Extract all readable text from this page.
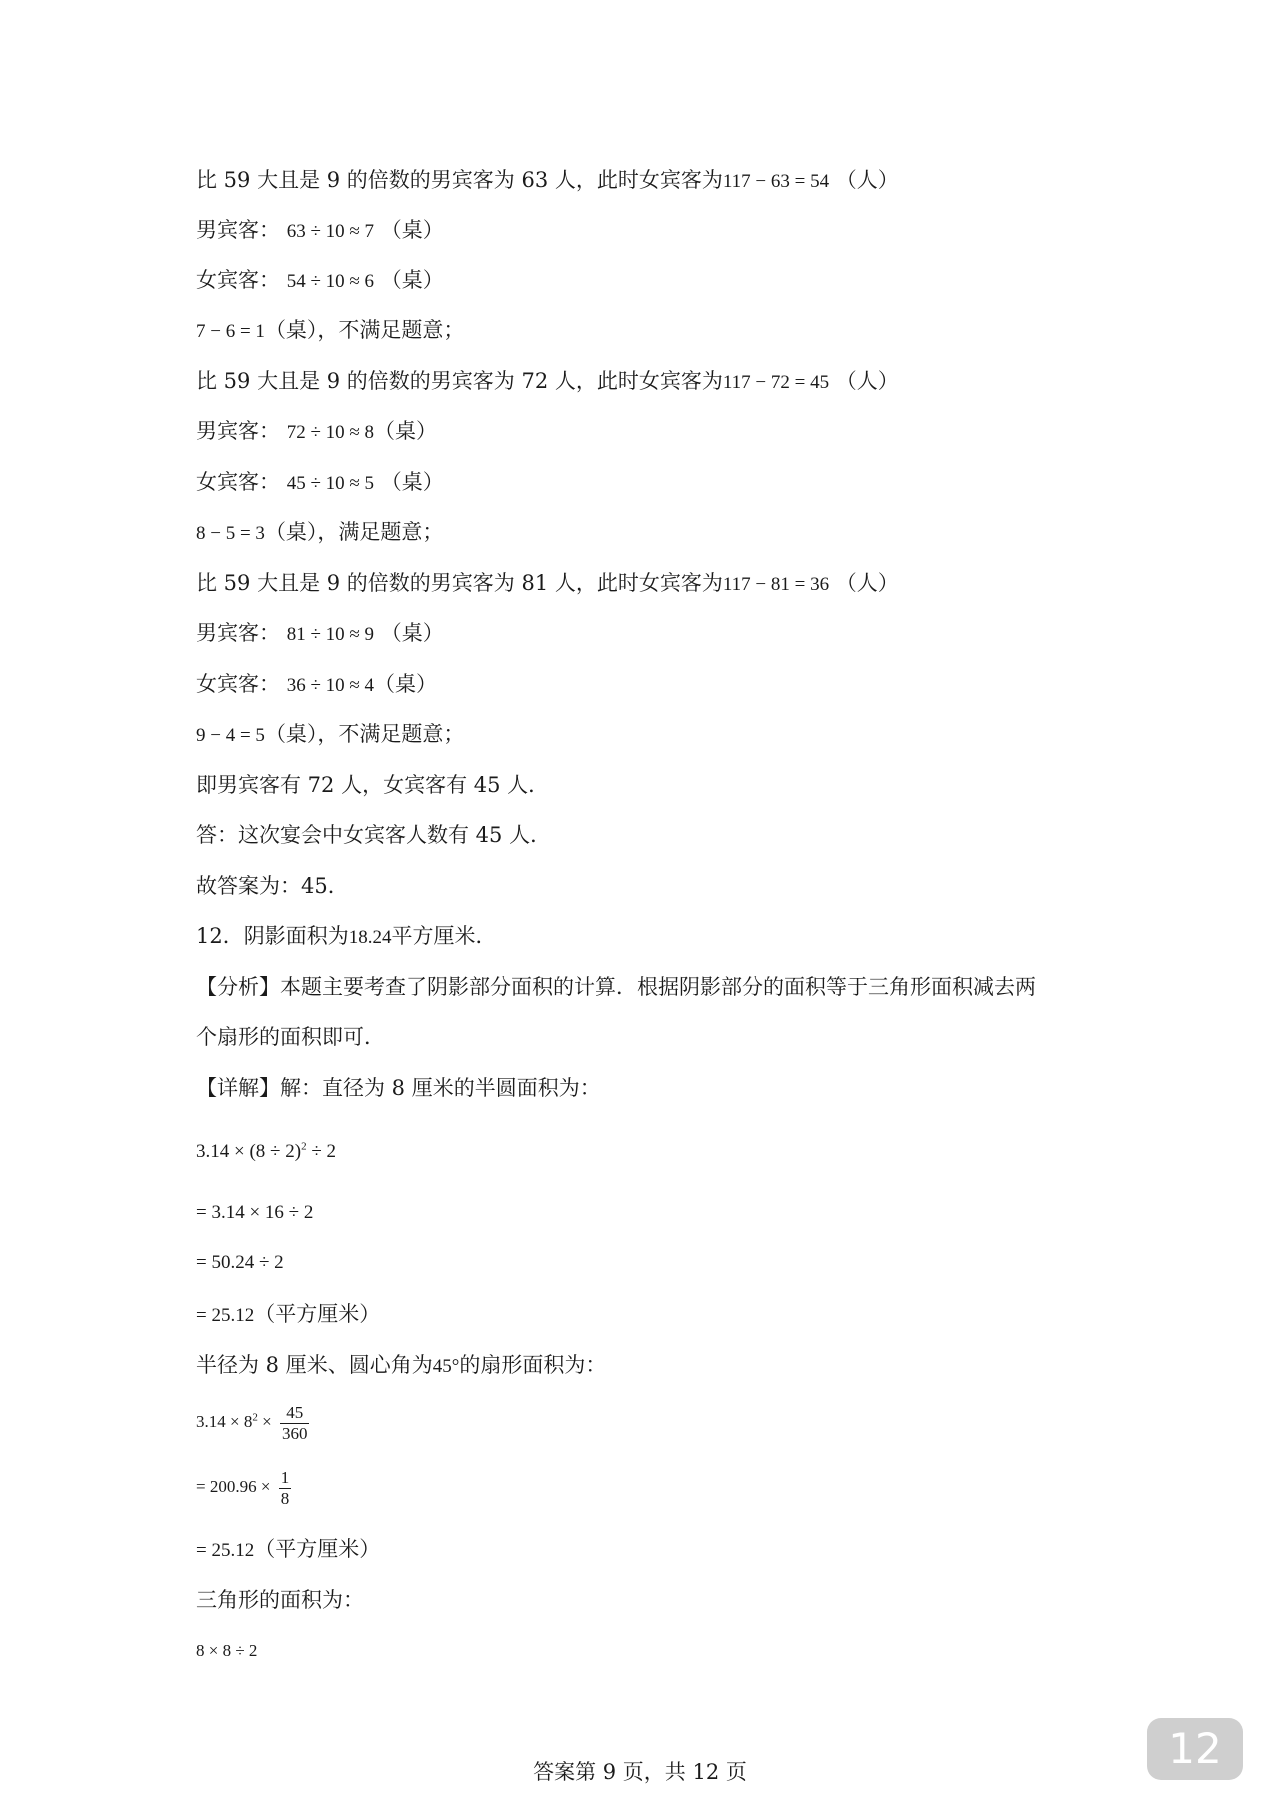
比 59 大且是 9 的倍数的男宾客为 63 人，此时女宾客为117 − 63 = 54 （人）
男宾客： 63 ÷ 10 ≈ 7 （桌）
女宾客： 54 ÷ 10 ≈ 6 （桌）
7 − 6 = 1（桌），不满足题意；
比 59 大且是 9 的倍数的男宾客为 72 人，此时女宾客为117 − 72 = 45 （人）
男宾客： 72 ÷ 10 ≈ 8（桌）
女宾客： 45 ÷ 10 ≈ 5 （桌）
8 − 5 = 3（桌），满足题意；
比 59 大且是 9 的倍数的男宾客为 81 人，此时女宾客为117 − 81 = 36 （人）
男宾客： 81 ÷ 10 ≈ 9 （桌）
女宾客： 36 ÷ 10 ≈ 4（桌）
9 − 4 = 5（桌），不满足题意；
即男宾客有 72 人，女宾客有 45 人．
答：这次宴会中女宾客人数有 45 人．
故答案为：45．
12．阴影面积为18.24平方厘米．
【分析】本题主要考查了阴影部分面积的计算．根据阴影部分的面积等于三角形面积减去两
个扇形的面积即可．
【详解】解：直径为 8 厘米的半圆面积为：
$3.14 \times (8 \div 2)^2 \div 2$
= 3.14 × 16 ÷ 2
= 50.24 ÷ 2
= 25.12（平方厘米）
半径为 8 厘米、圆心角为45°的扇形面积为：
$3.14 \times 8^2 \times \frac{45}{360}$
= $200.96 \times \frac{1}{8}$
= 25.12（平方厘米）
三角形的面积为：
8 × 8 ÷ 2
答案第 9 页，共 12 页	12
